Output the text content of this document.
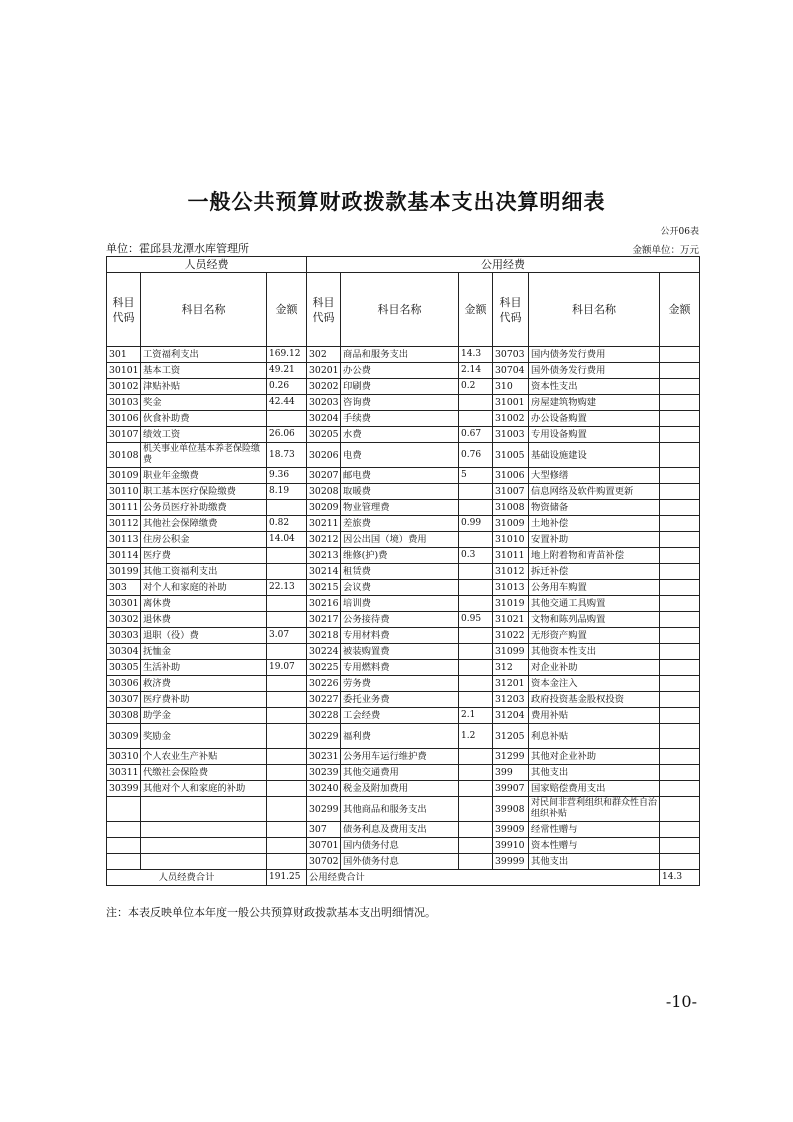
一般公共预算财政拨款基本支出决算明细表
公开06表
单位：霍邱县龙潭水库管理所	金额单位：万元
人员经费			公用经费					
科目代码	科目名称	金额	科目代码	科目名称	金额	科目代码	科目名称	金额
301	工资福利支出	169.12	302	商品和服务支出	14.3	30703	国内债务发行费用	
30101	基本工资	49.21	30201	办公费	2.14	30704	国外债务发行费用	
30102	津贴补贴	0.26	30202	印刷费	0.2	310	资本性支出	
30103	奖金	42.44	30203	咨询费		31001	房屋建筑物购建	
30106	伙食补助费		30204	手续费		31002	办公设备购置	
30107	绩效工资	26.06	30205	水费	0.67	31003	专用设备购置	
30108	机关事业单位基本养老保险缴费	18.73	30206	电费	0.76	31005	基础设施建设	
30109	职业年金缴费	9.36	30207	邮电费	5	31006	大型修缮	
30110	职工基本医疗保险缴费	8.19	30208	取暖费		31007	信息网络及软件购置更新	
30111	公务员医疗补助缴费		30209	物业管理费		31008	物资储备	
30112	其他社会保障缴费	0.82	30211	差旅费	0.99	31009	土地补偿	
30113	住房公积金	14.04	30212	因公出国（境）费用		31010	安置补助	
30114	医疗费		30213	维修(护)费	0.3	31011	地上附着物和青苗补偿	
30199	其他工资福利支出		30214	租赁费		31012	拆迁补偿	
303	对个人和家庭的补助	22.13	30215	会议费		31013	公务用车购置	
30301	离休费		30216	培训费		31019	其他交通工具购置	
30302	退休费		30217	公务接待费	0.95	31021	文物和陈列品购置	
30303	退职（役）费	3.07	30218	专用材料费		31022	无形资产购置	
30304	抚恤金		30224	被装购置费		31099	其他资本性支出	
30305	生活补助	19.07	30225	专用燃料费		312	对企业补助	
30306	救济费		30226	劳务费		31201	资本金注入	
30307	医疗费补助		30227	委托业务费		31203	政府投资基金股权投资	
30308	助学金		30228	工会经费	2.1	31204	费用补贴	
30309	奖励金		30229	福利费	1.2	31205	利息补贴	
30310	个人农业生产补贴		30231	公务用车运行维护费		31299	其他对企业补助	
30311	代缴社会保险费		30239	其他交通费用		399	其他支出	
30399	其他对个人和家庭的补助		30240	税金及附加费用		39907	国家赔偿费用支出	
			30299	其他商品和服务支出		39908	对民间非营利组织和群众性自治组织补贴	
			307	债务利息及费用支出		39909	经常性赠与	
			30701	国内债务付息		39910	资本性赠与	
			30702	国外债务付息		39999	其他支出	
人员经费合计		191.25	公用经费合计					14.3
注：本表反映单位本年度一般公共预算财政拨款基本支出明细情况。
-10-
